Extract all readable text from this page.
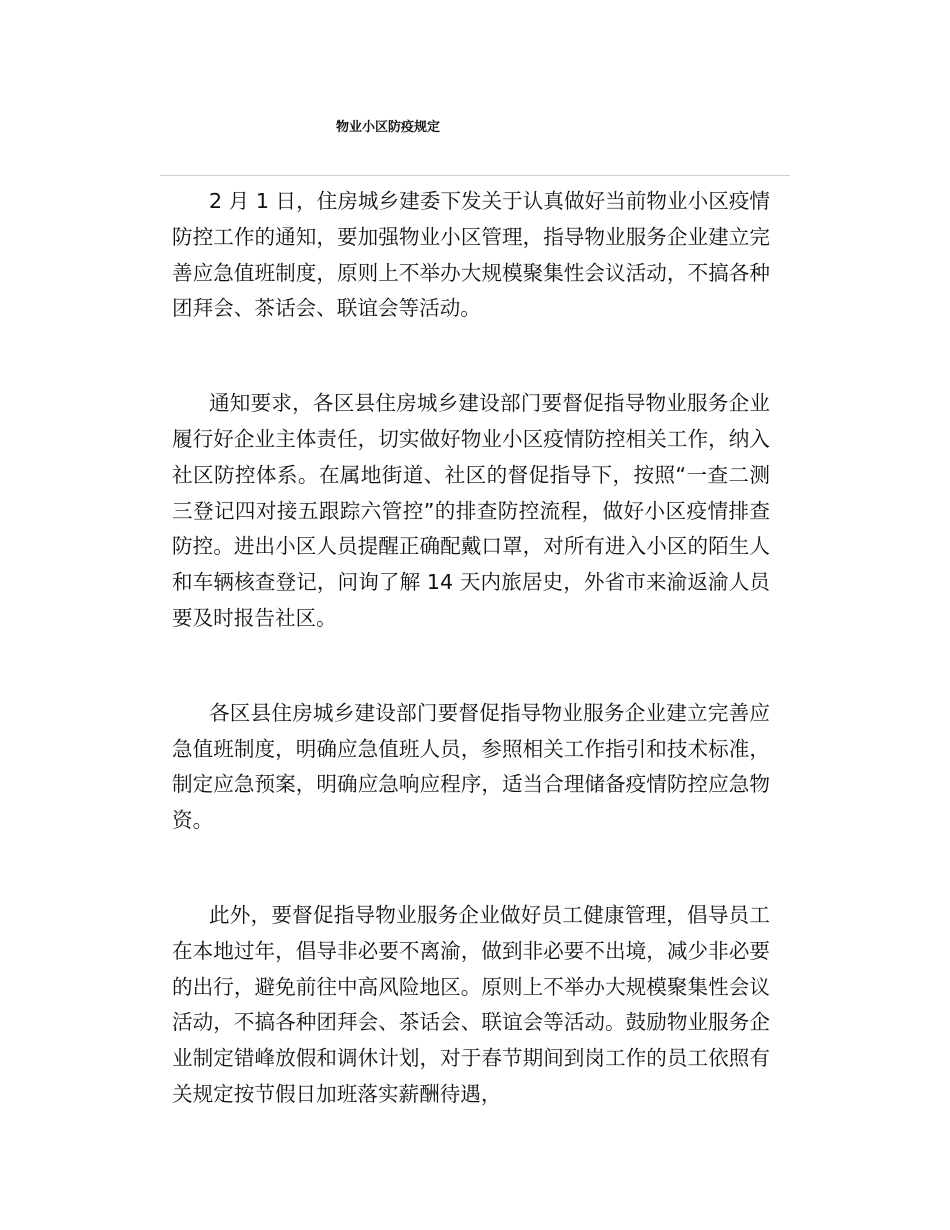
物业小区防疫规定

2 月 1 日，住房城乡建委下发关于认真做好当前物业小区疫情防控工作的通知，要加强物业小区管理，指导物业服务企业建立完善应急值班制度，原则上不举办大规模聚集性会议活动，不搞各种团拜会、茶话会、联谊会等活动。

通知要求，各区县住房城乡建设部门要督促指导物业服务企业履行好企业主体责任，切实做好物业小区疫情防控相关工作，纳入社区防控体系。在属地街道、社区的督促指导下，按照“一查二测三登记四对接五跟踪六管控”的排查防控流程，做好小区疫情排查防控。进出小区人员提醒正确配戴口罩，对所有进入小区的陌生人和车辆核查登记，问询了解 14 天内旅居史，外省市来渝返渝人员要及时报告社区。

各区县住房城乡建设部门要督促指导物业服务企业建立完善应急值班制度，明确应急值班人员，参照相关工作指引和技术标准，制定应急预案，明确应急响应程序，适当合理储备疫情防控应急物资。

此外，要督促指导物业服务企业做好员工健康管理，倡导员工在本地过年，倡导非必要不离渝，做到非必要不出境，减少非必要的出行，避免前往中高风险地区。原则上不举办大规模聚集性会议活动，不搞各种团拜会、茶话会、联谊会等活动。鼓励物业服务企业制定错峰放假和调休计划，对于春节期间到岗工作的员工依照有关规定按节假日加班落实薪酬待遇，
